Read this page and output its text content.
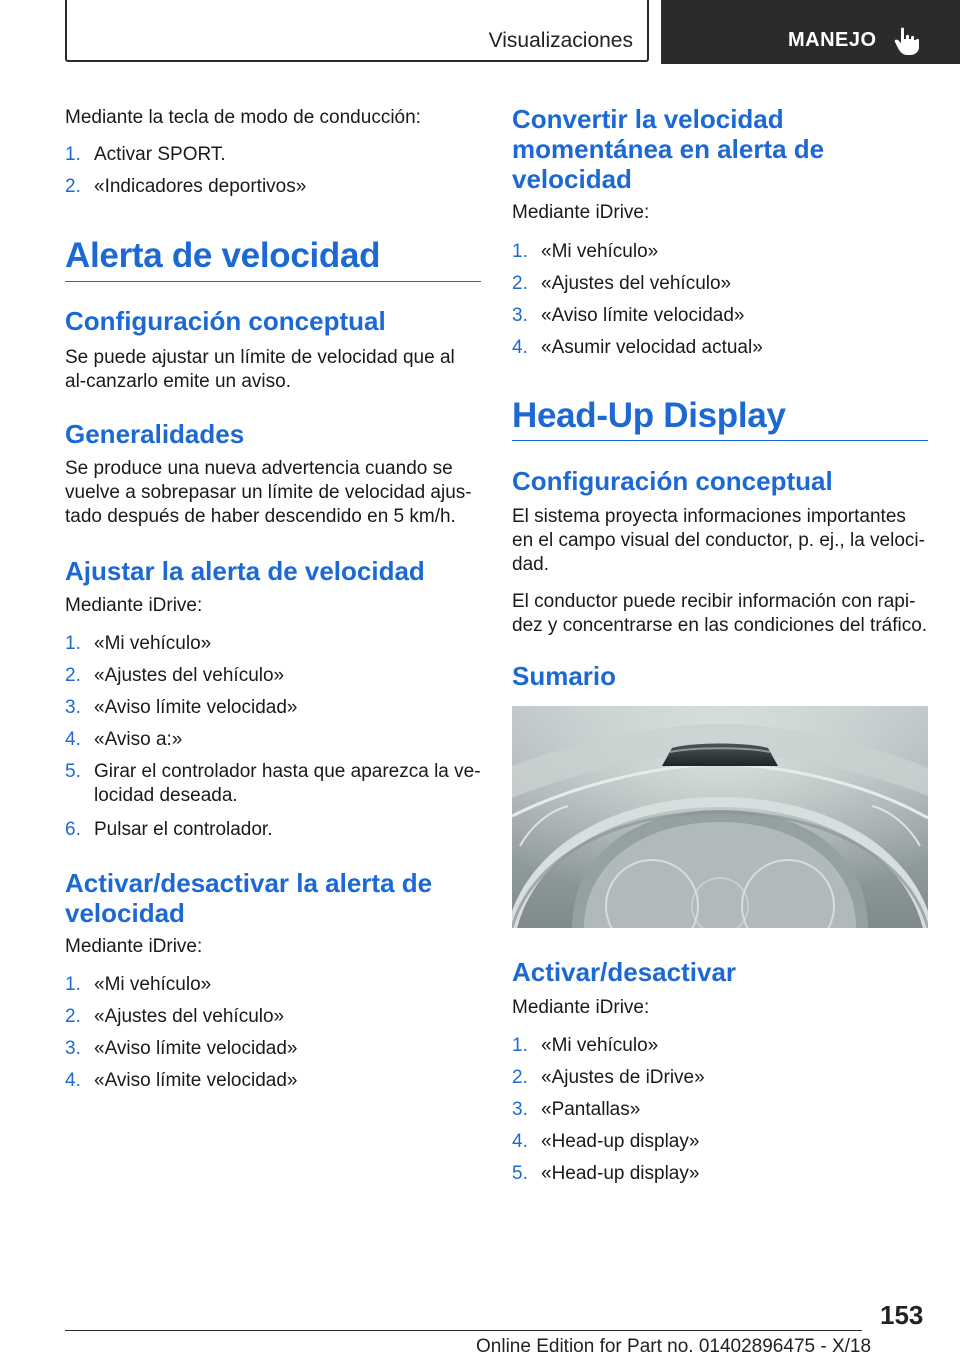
Visualizaciones	MANEJO

Mediante la tecla de modo de conducción:

1. Activar SPORT.
2. «Indicadores deportivos»
Alerta de velocidad
Configuración conceptual

Se puede ajustar un límite de velocidad que al al-canzarlo emite un aviso.

Generalidades

Se produce una nueva advertencia cuando se vuelve a sobrepasar un límite de velocidad ajus-tado después de haber descendido en 5 km/h.

Ajustar la alerta de velocidad

Mediante iDrive:

1. «Mi vehículo»
2. «Ajustes del vehículo»
3. «Aviso límite velocidad»
4. «Aviso a:»
5. Girar el controlador hasta que aparezca la ve-locidad deseada.
6. Pulsar el controlador.
Activar/desactivar la alerta de velocidad

Mediante iDrive:

1. «Mi vehículo»
2. «Ajustes del vehículo»
3. «Aviso límite velocidad»
4. «Aviso límite velocidad»
Convertir la velocidad momentánea en alerta de velocidad

Mediante iDrive:

1. «Mi vehículo»
2. «Ajustes del vehículo»
3. «Aviso límite velocidad»
4. «Asumir velocidad actual»
Head-Up Display
Configuración conceptual

El sistema proyecta informaciones importantes en el campo visual del conductor, p. ej., la veloci-dad.

El conductor puede recibir información con rapi-dez y concentrarse en las condiciones del tráfico.

Sumario
Activar/desactivar

Mediante iDrive:

1. «Mi vehículo»
2. «Ajustes de iDrive»
3. «Pantallas»
4. «Head-up display»
5. «Head-up display»
153
Online Edition for Part no. 01402896475 - X/18
